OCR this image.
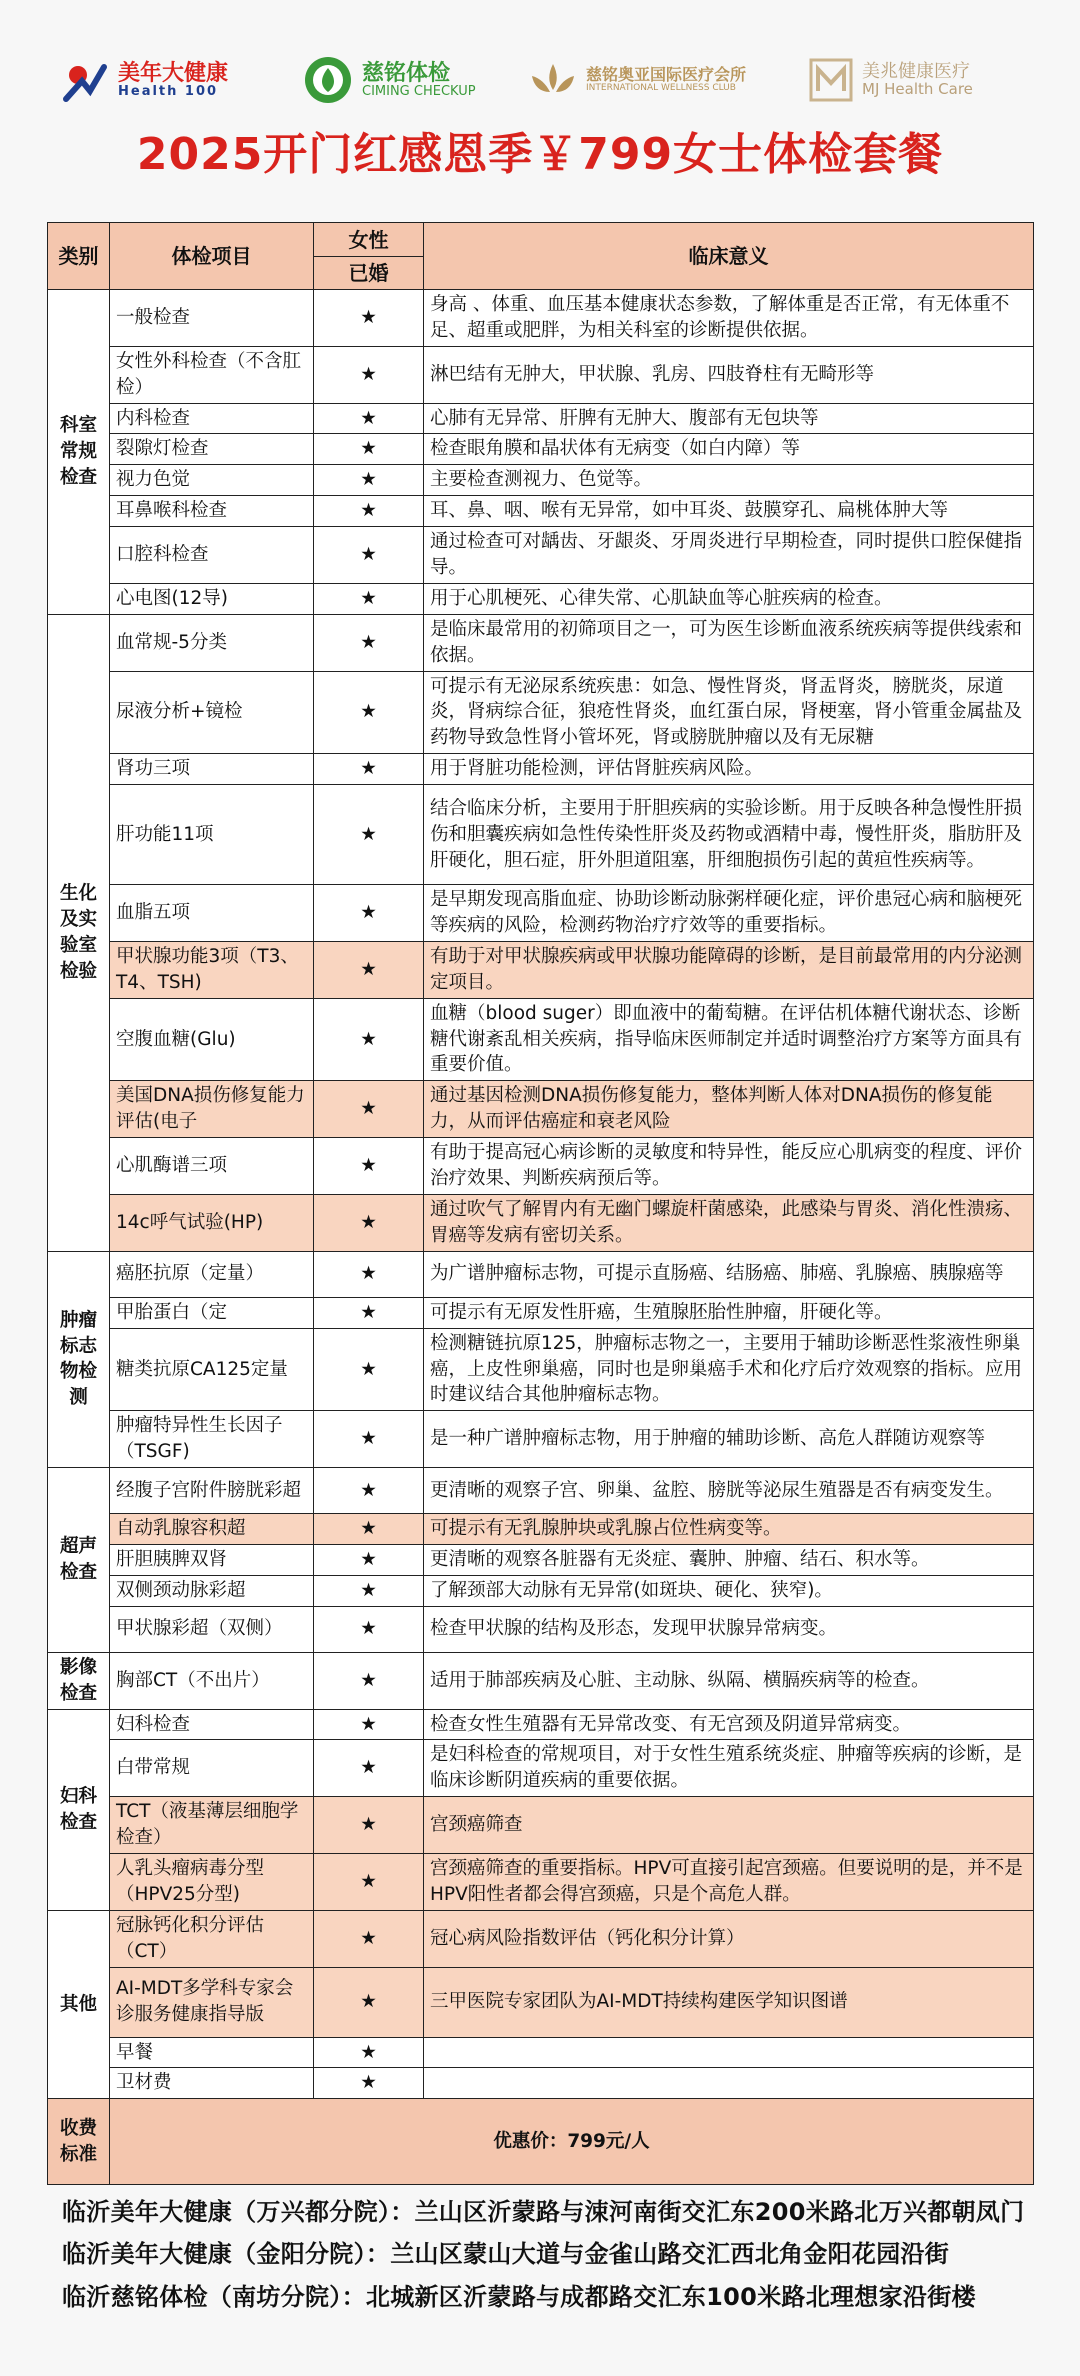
美年大健康
Health 100
慈铭体检
CIMING CHECKUP
慈铭奥亚国际医疗会所
INTERNATIONAL WELLNESS CLUB
美兆健康医疗
MJ Health Care
2025开门红感恩季￥799女士体检套餐
类别	体检项目	女性	临床意义
		已婚	
科室常规检查	一般检查	★	身高 、体重、血压基本健康状态参数，了解体重是否正常，有无体重不足、超重或肥胖，为相关科室的诊断提供依据。
	女性外科检查（不含肛检）	★	淋巴结有无肿大，甲状腺、乳房、四肢脊柱有无畸形等
	内科检查	★	心肺有无异常、肝脾有无肿大、腹部有无包块等
	裂隙灯检查	★	检查眼角膜和晶状体有无病变（如白内障）等
	视力色觉	★	主要检查测视力、色觉等。
	耳鼻喉科检查	★	耳、鼻、咽、喉有无异常，如中耳炎、鼓膜穿孔、扁桃体肿大等
	口腔科检查	★	通过检查可对龋齿、牙龈炎、牙周炎进行早期检查，同时提供口腔保健指导。
	心电图(12导)	★	用于心肌梗死、心律失常、心肌缺血等心脏疾病的检查。
生化及实验室检验	血常规-5分类	★	是临床最常用的初筛项目之一，可为医生诊断血液系统疾病等提供线索和依据。
	尿液分析+镜检	★	可提示有无泌尿系统疾患：如急、慢性肾炎，肾盂肾炎，膀胱炎，尿道炎，肾病综合征，狼疮性肾炎，血红蛋白尿，肾梗塞，肾小管重金属盐及药物导致急性肾小管坏死，肾或膀胱肿瘤以及有无尿糖
	肾功三项	★	用于肾脏功能检测，评估肾脏疾病风险。
	肝功能11项	★	结合临床分析，主要用于肝胆疾病的实验诊断。用于反映各种急慢性肝损伤和胆囊疾病如急性传染性肝炎及药物或酒精中毒，慢性肝炎，脂肪肝及肝硬化，胆石症，肝外胆道阻塞，肝细胞损伤引起的黄疸性疾病等。
	血脂五项	★	是早期发现高脂血症、协助诊断动脉粥样硬化症，评价患冠心病和脑梗死等疾病的风险，检测药物治疗疗效等的重要指标。
	甲状腺功能3项（T3、T4、TSH)	★	有助于对甲状腺疾病或甲状腺功能障碍的诊断，是目前最常用的内分泌测定项目。
	空腹血糖(Glu)	★	血糖（blood suger）即血液中的葡萄糖。在评估机体糖代谢状态、诊断糖代谢紊乱相关疾病，指导临床医师制定并适时调整治疗方案等方面具有重要价值。
	美国DNA损伤修复能力评估(电子	★	通过基因检测DNA损伤修复能力，整体判断人体对DNA损伤的修复能力，从而评估癌症和衰老风险
	心肌酶谱三项	★	有助于提高冠心病诊断的灵敏度和特异性，能反应心肌病变的程度、评价治疗效果、判断疾病预后等。
	14c呼气试验(HP)	★	通过吹气了解胃内有无幽门螺旋杆菌感染，此感染与胃炎、消化性溃疡、胃癌等发病有密切关系。
肿瘤标志物检测	癌胚抗原（定量）	★	为广谱肿瘤标志物，可提示直肠癌、结肠癌、肺癌、乳腺癌、胰腺癌等
	甲胎蛋白（定	★	可提示有无原发性肝癌，生殖腺胚胎性肿瘤，肝硬化等。
	糖类抗原CA125定量	★	检测糖链抗原125，肿瘤标志物之一，主要用于辅助诊断恶性浆液性卵巢癌，上皮性卵巢癌，同时也是卵巢癌手术和化疗后疗效观察的指标。应用时建议结合其他肿瘤标志物。
	肿瘤特异性生长因子（TSGF)	★	是一种广谱肿瘤标志物，用于肿瘤的辅助诊断、高危人群随访观察等
超声检查	经腹子宫附件膀胱彩超	★	更清晰的观察子宫、卵巢、盆腔、膀胱等泌尿生殖器是否有病变发生。
	自动乳腺容积超	★	可提示有无乳腺肿块或乳腺占位性病变等。
	肝胆胰脾双肾	★	更清晰的观察各脏器有无炎症、囊肿、肿瘤、结石、积水等。
	双侧颈动脉彩超	★	了解颈部大动脉有无异常(如斑块、硬化、狭窄)。
	甲状腺彩超（双侧）	★	检查甲状腺的结构及形态，发现甲状腺异常病变。
影像检查	胸部CT（不出片）	★	适用于肺部疾病及心脏、主动脉、纵隔、横膈疾病等的检查。
妇科检查	妇科检查	★	检查女性生殖器有无异常改变、有无宫颈及阴道异常病变。
	白带常规	★	是妇科检查的常规项目，对于女性生殖系统炎症、肿瘤等疾病的诊断，是临床诊断阴道疾病的重要依据。
	TCT（液基薄层细胞学检查）	★	宫颈癌筛查
	人乳头瘤病毒分型（HPV25分型)	★	宫颈癌筛查的重要指标。HPV可直接引起宫颈癌。但要说明的是，并不是HPV阳性者都会得宫颈癌，只是个高危人群。
其他	冠脉钙化积分评估（CT）	★	冠心病风险指数评估（钙化积分计算）
	AI-MDT多学科专家会诊服务健康指导版	★	三甲医院专家团队为AI-MDT持续构建医学知识图谱
	早餐	★	
	卫材费	★	
收费标准	优惠价：799元/人		
临沂美年大健康（万兴都分院）：兰山区沂蒙路与涑河南街交汇东200米路北万兴都朝凤门
临沂美年大健康（金阳分院）：兰山区蒙山大道与金雀山路交汇西北角金阳花园沿街
临沂慈铭体检（南坊分院）：北城新区沂蒙路与成都路交汇东100米路北理想家沿街楼
